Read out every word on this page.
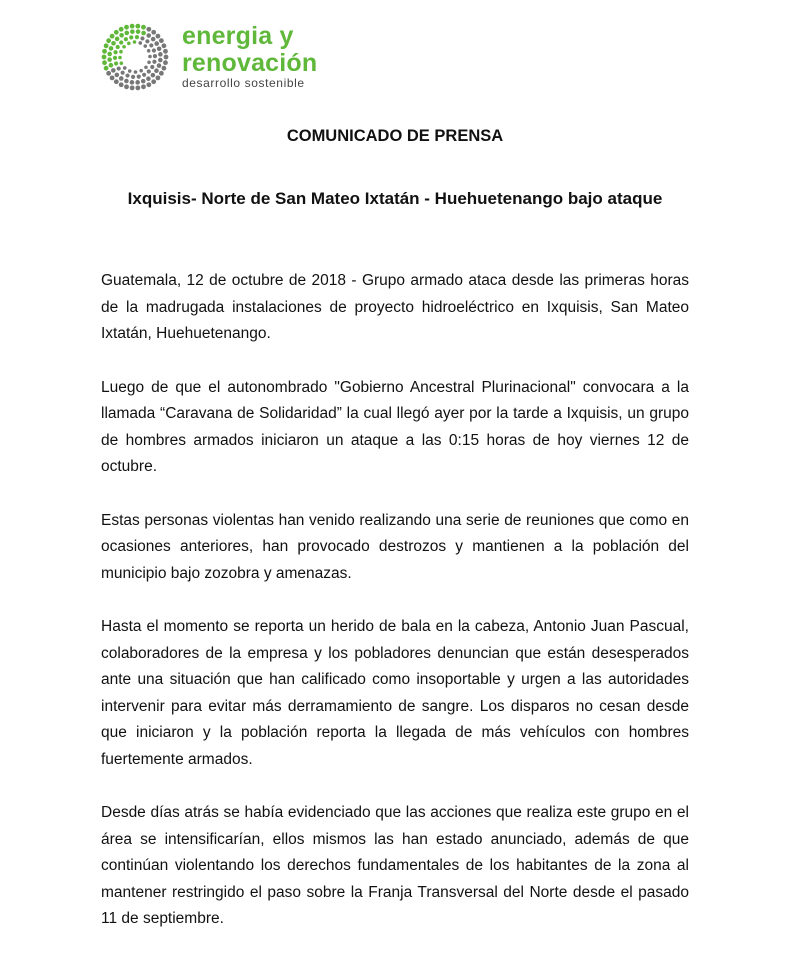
energia y
renovación
desarrollo sostenible
COMUNICADO DE PRENSA
Ixquisis- Norte de San Mateo Ixtatán - Huehuetenango bajo ataque

Guatemala, 12 de octubre de 2018 - Grupo armado ataca desde las primeras horas de la madrugada instalaciones de proyecto hidroeléctrico en Ixquisis, San Mateo Ixtatán, Huehuetenango.

Luego de que el autonombrado "Gobierno Ancestral Plurinacional" convocara a la llamada “Caravana de Solidaridad” la cual llegó ayer por la tarde a Ixquisis, un grupo de hombres armados iniciaron un ataque a las 0:15 horas de hoy viernes 12 de octubre.

Estas personas violentas han venido realizando una serie de reuniones que como en ocasiones anteriores, han provocado destrozos y mantienen a la población del municipio bajo zozobra y amenazas.

Hasta el momento se reporta un herido de bala en la cabeza, Antonio Juan Pascual, colaboradores de la empresa y los pobladores denuncian que están desesperados ante una situación que han calificado como insoportable y urgen a las autoridades intervenir para evitar más derramamiento de sangre. Los disparos no cesan desde que iniciaron y la población reporta la llegada de más vehículos con hombres fuertemente armados.

Desde días atrás se había evidenciado que las acciones que realiza este grupo en el área se intensificarían, ellos mismos las han estado anunciado, además de que continúan violentando los derechos fundamentales de los habitantes de la zona al mantener restringido el paso sobre la Franja Transversal del Norte desde el pasado 11 de septiembre.
